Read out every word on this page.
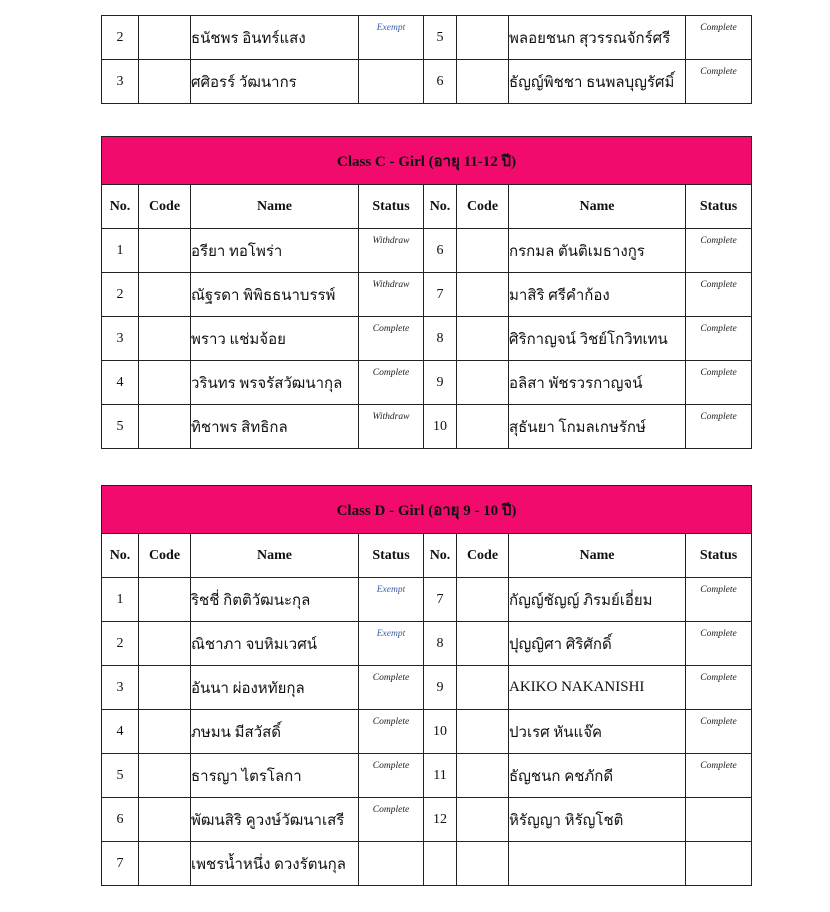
2		ธนัชพร อินทร์แสง	Exempt	5		พลอยชนก สุวรรณจักร์ศรี	Complete
3		ศศิอรร์ วัฒนากร		6		ธัญญ์พิชชา ธนพลบุญรัศมิ์	Complete
Class C - Girl (อายุ 11-12 ปี)							
No.	Code	Name	Status	No.	Code	Name	Status
1		อรียา ทอโพร่า	Withdraw	6		กรกมล ตันติเมธางกูร	Complete
2		ณัฐรดา พิพิธธนาบรรพ์	Withdraw	7		มาสิริ ศรีคำก้อง	Complete
3		พราว แช่มจ้อย	Complete	8		ศิริกาญจน์ วิชย์โกวิทเทน	Complete
4		วรินทร พรจรัสวัฒนากุล	Complete	9		อลิสา พัชรวรกาญจน์	Complete
5		ทิชาพร สิทธิกล	Withdraw	10		สุธันยา โกมลเกษรักษ์	Complete
Class D - Girl (อายุ 9 - 10 ปี)							
No.	Code	Name	Status	No.	Code	Name	Status
1		ริชชี่ กิตติวัฒนะกุล	Exempt	7		กัญญ์ชัญญ์ ภิรมย์เอี่ยม	Complete
2		ณิชาภา จบหิมเวศน์	Exempt	8		ปุญญิศา ศิริศักดิ์	Complete
3		อันนา ผ่องหทัยกุล	Complete	9		AKIKO NAKANISHI	Complete
4		ภษมน มีสวัสดิ์	Complete	10		ปวเรศ หันแจ๊ค	Complete
5		ธารญา ไตรโลกา	Complete	11		ธัญชนก คชภักดี	Complete
6		พัฒนสิริ คูวงษ์วัฒนาเสรี	Complete	12		หิรัญญา หิรัญโชติ	
7		เพชรน้ำหนึ่ง ดวงรัตนกุล					
